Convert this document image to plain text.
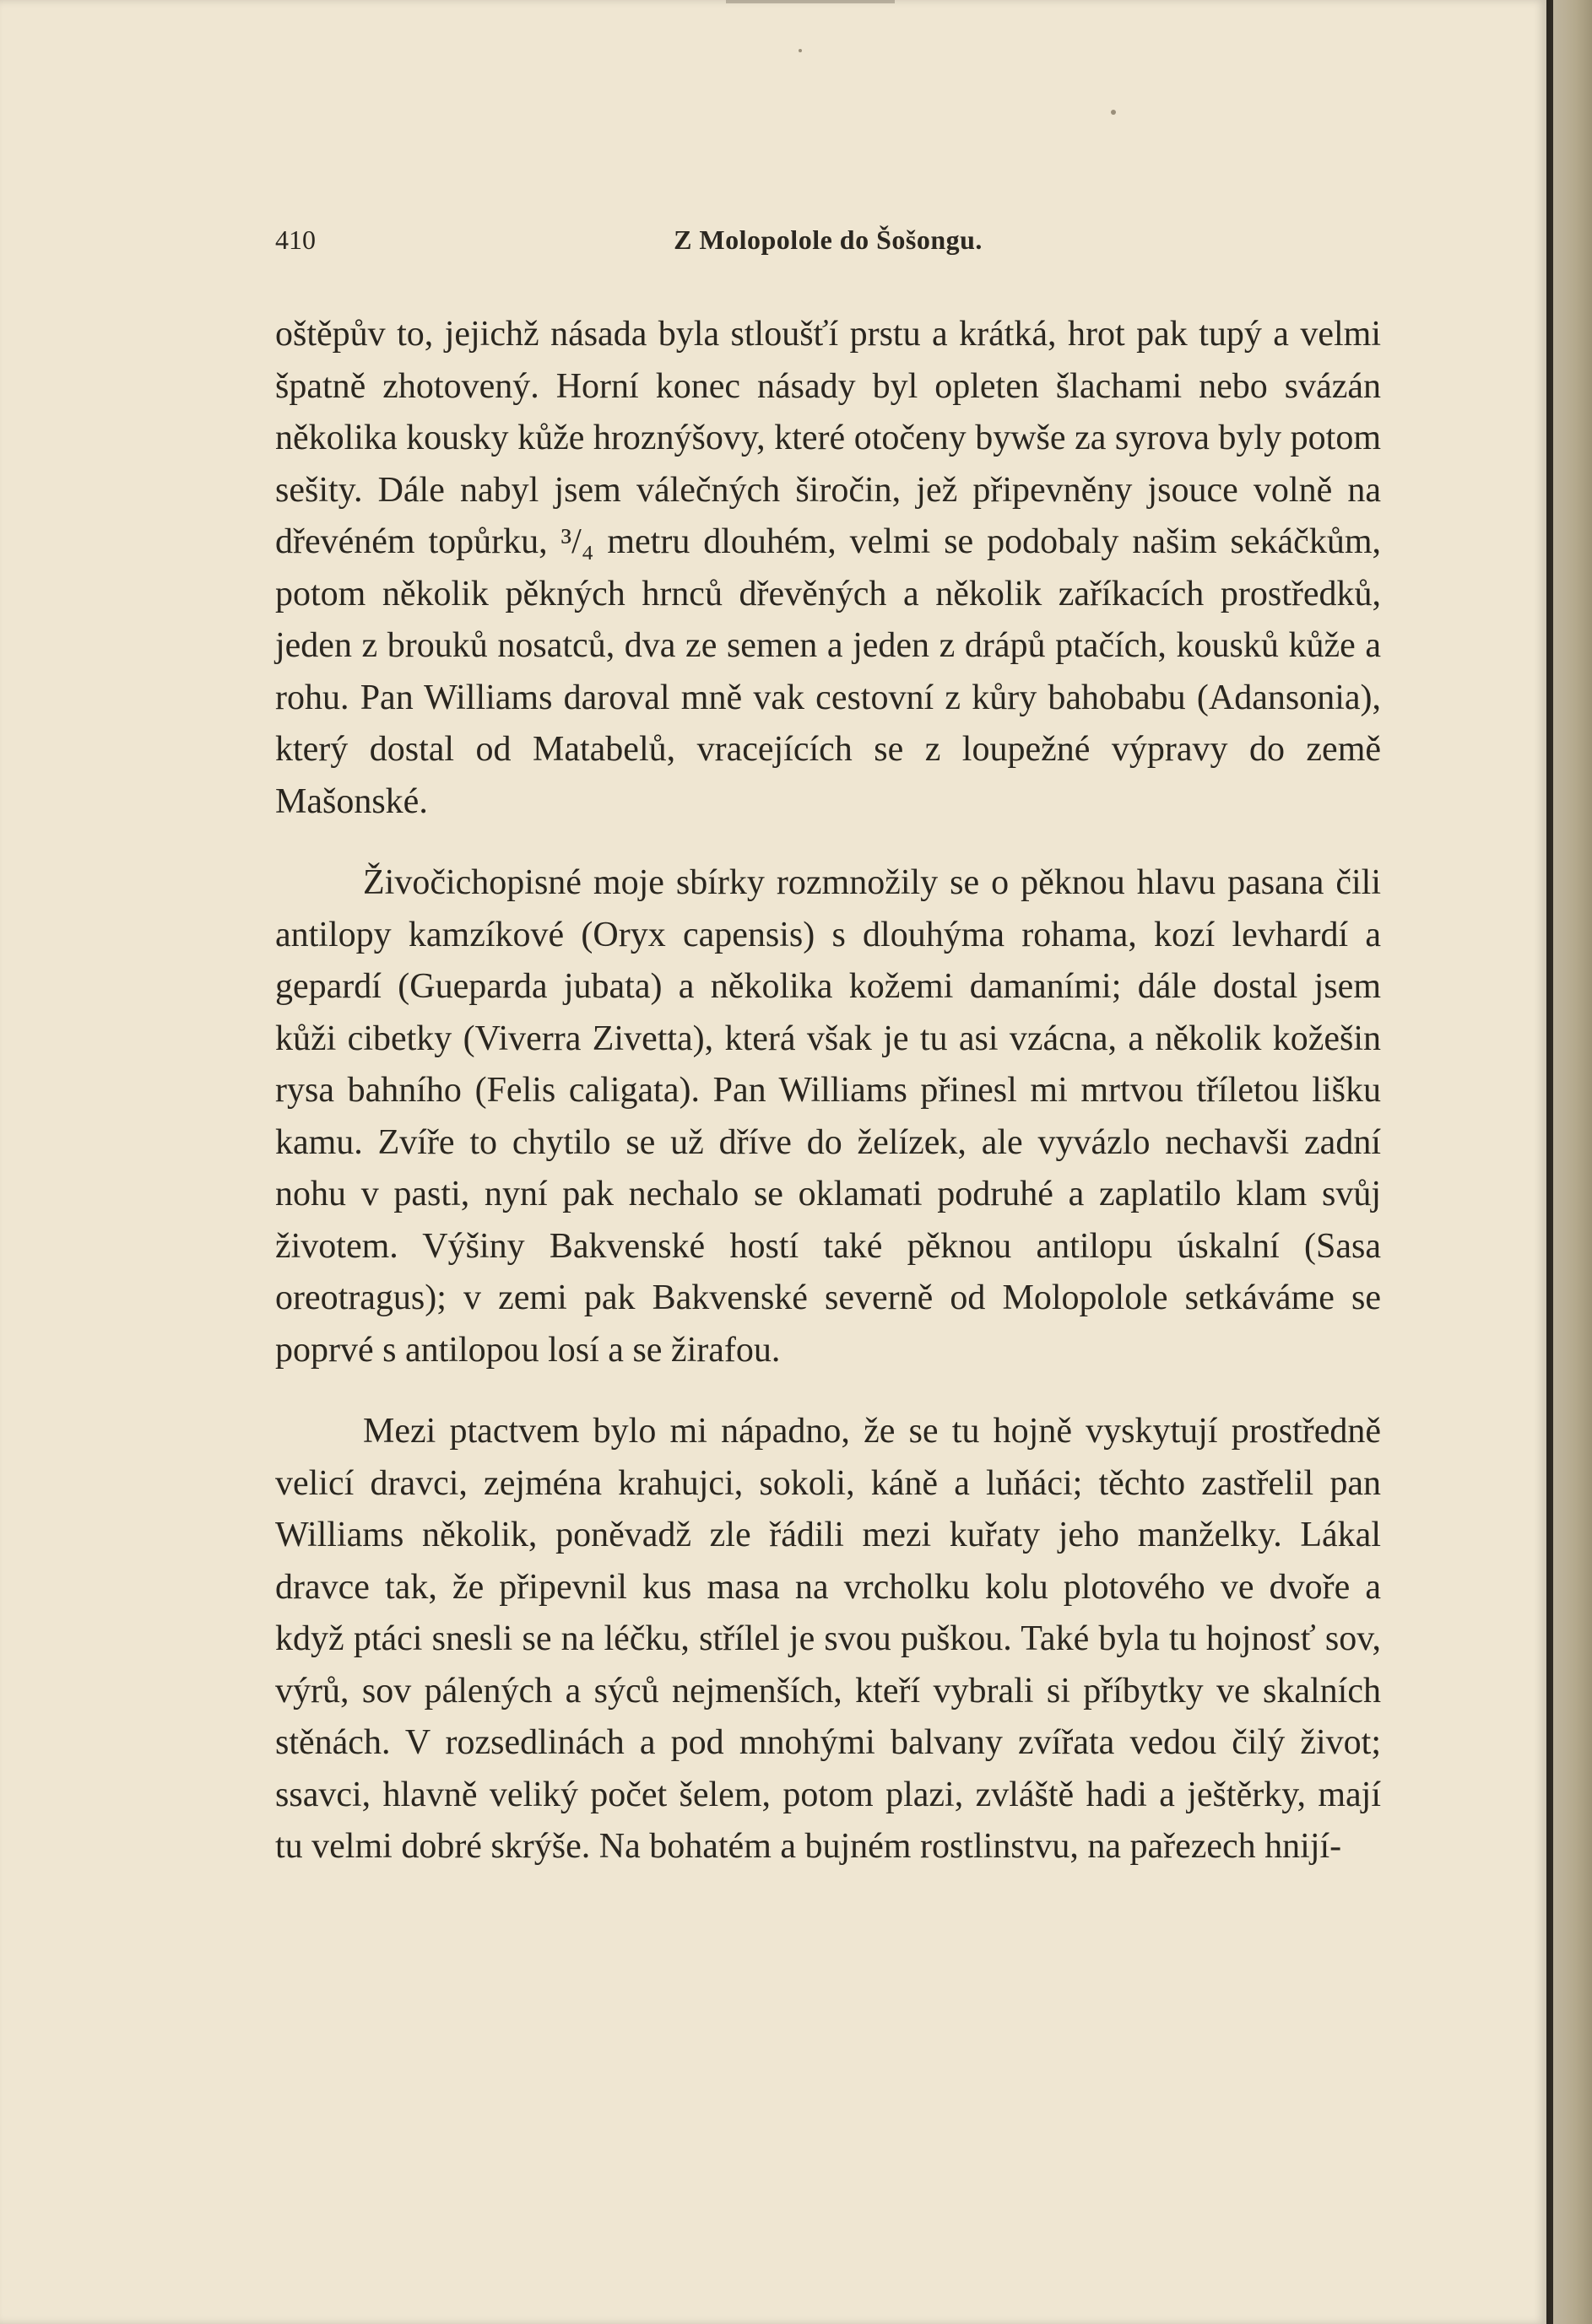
410	Z Molopolole do Šošongu.

oštěpův to, jejichž násada byla stloušťí prstu a krátká, hrot pak tupý a velmi špatně zhotovený. Horní konec násady byl opleten šlachami nebo svázán několika kousky kůže hroznýšovy, které otočeny bywše za syrova byly potom sešity. Dále nabyl jsem válečných širočin, jež připevněny jsouce volně na dřevéném topůrku, ³/₄ metru dlouhém, velmi se podobaly našim sekáčkům, potom několik pěkných hrnců dřevěných a několik zaříkacích prostředků, jeden z brouků nosatců, dva ze semen a jeden z drápů ptačích, kousků kůže a rohu. Pan Williams daroval mně vak cestovní z kůry bahobabu (Adansonia), který dostal od Matabelů, vracejících se z loupežné výpravy do země Mašonské.

Živočichopisné moje sbírky rozmnožily se o pěknou hlavu pasana čili antilopy kamzíkové (Oryx capensis) s dlouhýma rohama, kozí levhardí a gepardí (Guepardа jubata) a několika kožemi damaními; dále dostal jsem kůži cibetky (Viverra Zivetta), která však je tu asi vzácna, a několik kožešin rysa bahního (Felis caligata). Pan Williams přinesl mi mrtvou tříletou lišku kamu. Zvíře to chytilo se už dříve do želízek, ale vyvázlo nechavši zadní nohu v pasti, nyní pak nechalo se oklamati podruhé a zaplatilo klam svůj životem. Výšiny Bakvenské hostí také pěknou antilopu úskalní (Sasa oreotragus); v zemi pak Bakvenské severně od Molopolole setkáváme se poprvé s antilopou losí a se žirafou.

Mezi ptactvem bylo mi nápadno, že se tu hojně vyskytují prostředně velicí dravci, zejména krahujci, sokoli, káně a luňáci; těchto zastřelil pan Williams několik, poněvadž zle řádili mezi kuřaty jeho manželky. Lákal dravce tak, že připevnil kus masa na vrcholku kolu plotového ve dvoře a když ptáci snesli se na léčku, střílel je svou puškou. Také byla tu hojnosť sov, výrů, sov pálených a sýců nejmenších, kteří vybrali si příbytky ve skalních stěnách. V rozsedlinách a pod mnohými balvany zvířata vedou čilý život; ssavci, hlavně veliký počet šelem, potom plazi, zvláště hadi a ještěrky, mají tu velmi dobré skrýše. Na bohatém a bujném rostlinstvu, na pařezech hnijí-
